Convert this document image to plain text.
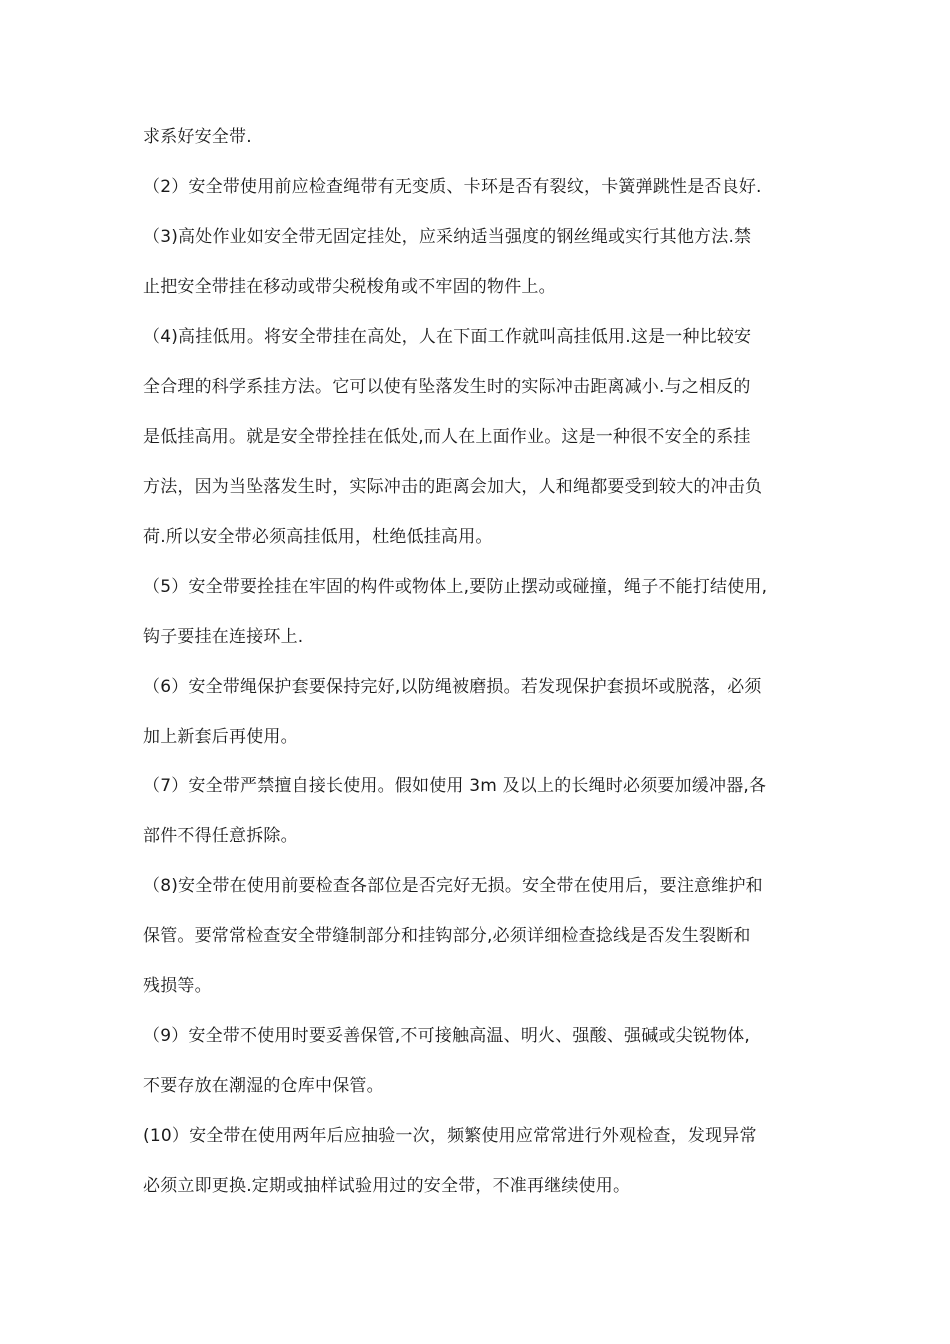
求系好安全带.
（2）安全带使用前应检查绳带有无变质、卡环是否有裂纹，卡簧弹跳性是否良好.
（3)高处作业如安全带无固定挂处，应采纳适当强度的钢丝绳或实行其他方法.禁
止把安全带挂在移动或带尖税梭角或不牢固的物件上。
（4)高挂低用。将安全带挂在高处，人在下面工作就叫高挂低用.这是一种比较安
全合理的科学系挂方法。它可以使有坠落发生时的实际冲击距离减小.与之相反的
是低挂高用。就是安全带拴挂在低处,而人在上面作业。这是一种很不安全的系挂
方法，因为当坠落发生时，实际冲击的距离会加大，人和绳都要受到较大的冲击负
荷.所以安全带必须高挂低用，杜绝低挂高用。
（5）安全带要拴挂在牢固的构件或物体上,要防止摆动或碰撞，绳子不能打结使用,
钩子要挂在连接环上.
（6）安全带绳保护套要保持完好,以防绳被磨损。若发现保护套损坏或脱落，必须
加上新套后再使用。
（7）安全带严禁擅自接长使用。假如使用 3m 及以上的长绳时必须要加缓冲器,各
部件不得任意拆除。
（8)安全带在使用前要检查各部位是否完好无损。安全带在使用后，要注意维护和
保管。要常常检查安全带缝制部分和挂钩部分,必须详细检查捻线是否发生裂断和
残损等。
（9）安全带不使用时要妥善保管,不可接触高温、明火、强酸、强碱或尖锐物体,
不要存放在潮湿的仓库中保管。
(10）安全带在使用两年后应抽验一次，频繁使用应常常进行外观检查，发现异常
必须立即更换.定期或抽样试验用过的安全带，不准再继续使用。
